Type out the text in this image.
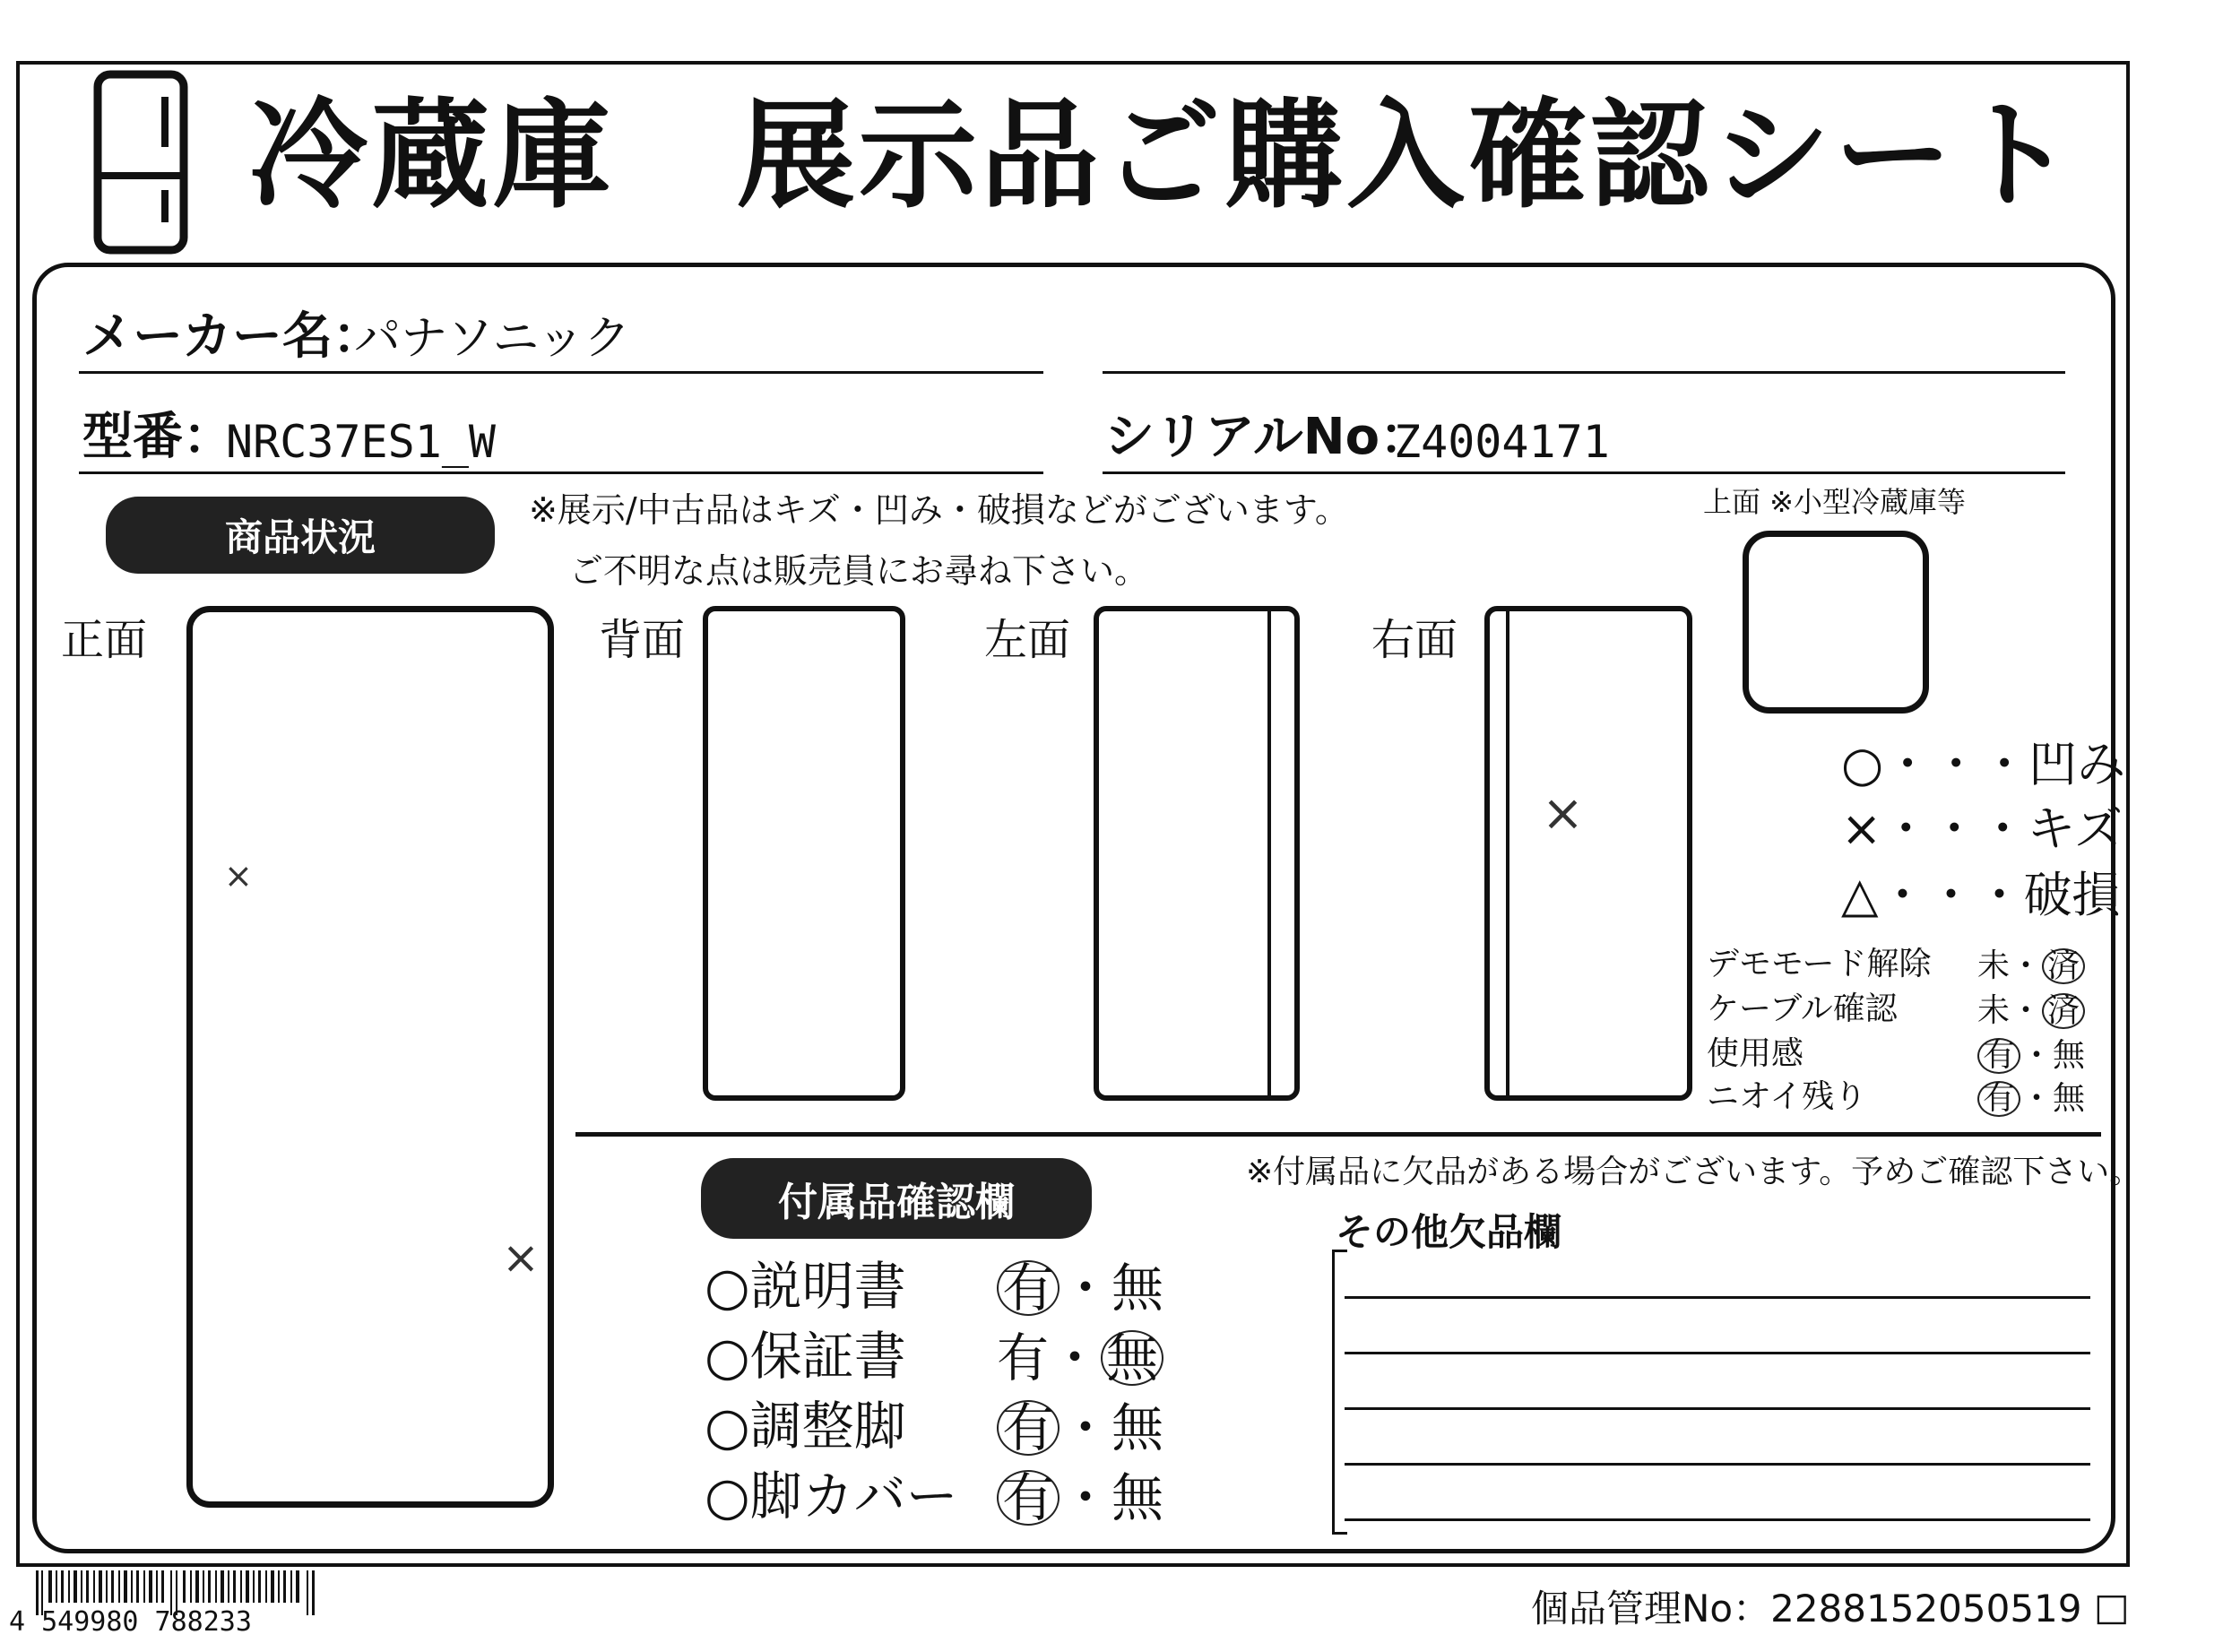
冷蔵庫　展示品ご購入確認シート
メーカー名：
パナソニック
型番：
NRC37ES1_W	シリアルNo：
Z4004171
商品状況
※展示/中古品はキズ・凹み・破損などがございます。
ご不明な点は販売員にお尋ね下さい。
正面
×
×
背面	左面	右面
×
上面 ※小型冷蔵庫等
○・・・凹み
×・・・キズ
△・・・破損
デモモード解除 未・ 済
ケーブル確認 未・ 済
使用感	有 ・無
ニオイ残り	有 ・無
付属品確認欄
※付属品に欠品がある場合がございます。予めご確認下さい。
その他欠品欄
○説明書 有 ・無
○保証書 有・ 無
○調整脚 有 ・無
○脚カバー 有 ・無
4 549980 788233	個品管理No：2288152050519 □
